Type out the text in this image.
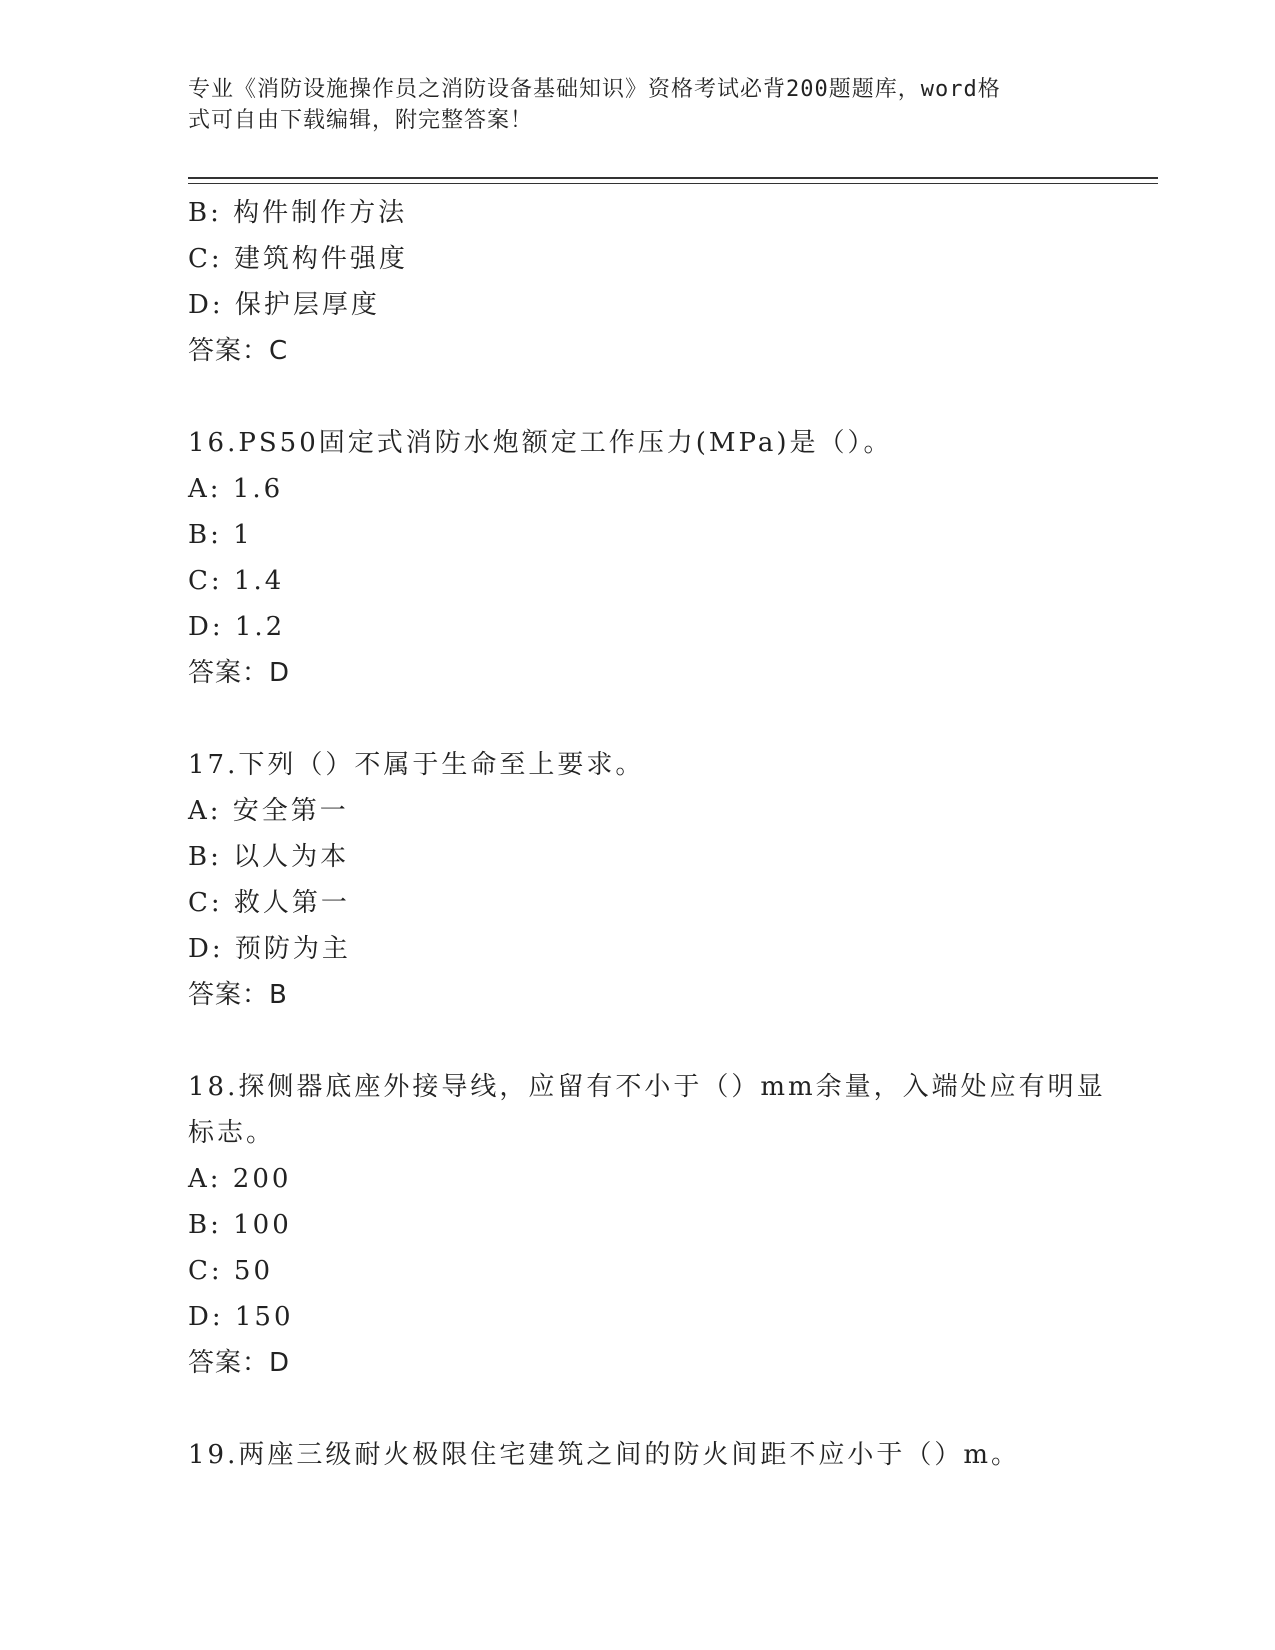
专业《消防设施操作员之消防设备基础知识》资格考试必背200题题库，word格
式可自由下载编辑，附完整答案！
B: 构件制作方法
C: 建筑构件强度
D: 保护层厚度
答案：C
16.PS50固定式消防水炮额定工作压力(MPa)是（）。
A: 1.6
B: 1
C: 1.4
D: 1.2
答案：D
17.下列（）不属于生命至上要求。
A: 安全第一
B: 以人为本
C: 救人第一
D: 预防为主
答案：B
18.探侧器底座外接导线，应留有不小于（）mm余量，入端处应有明显
标志。
A: 200
B: 100
C: 50
D: 150
答案：D
19.两座三级耐火极限住宅建筑之间的防火间距不应小于（）m。
